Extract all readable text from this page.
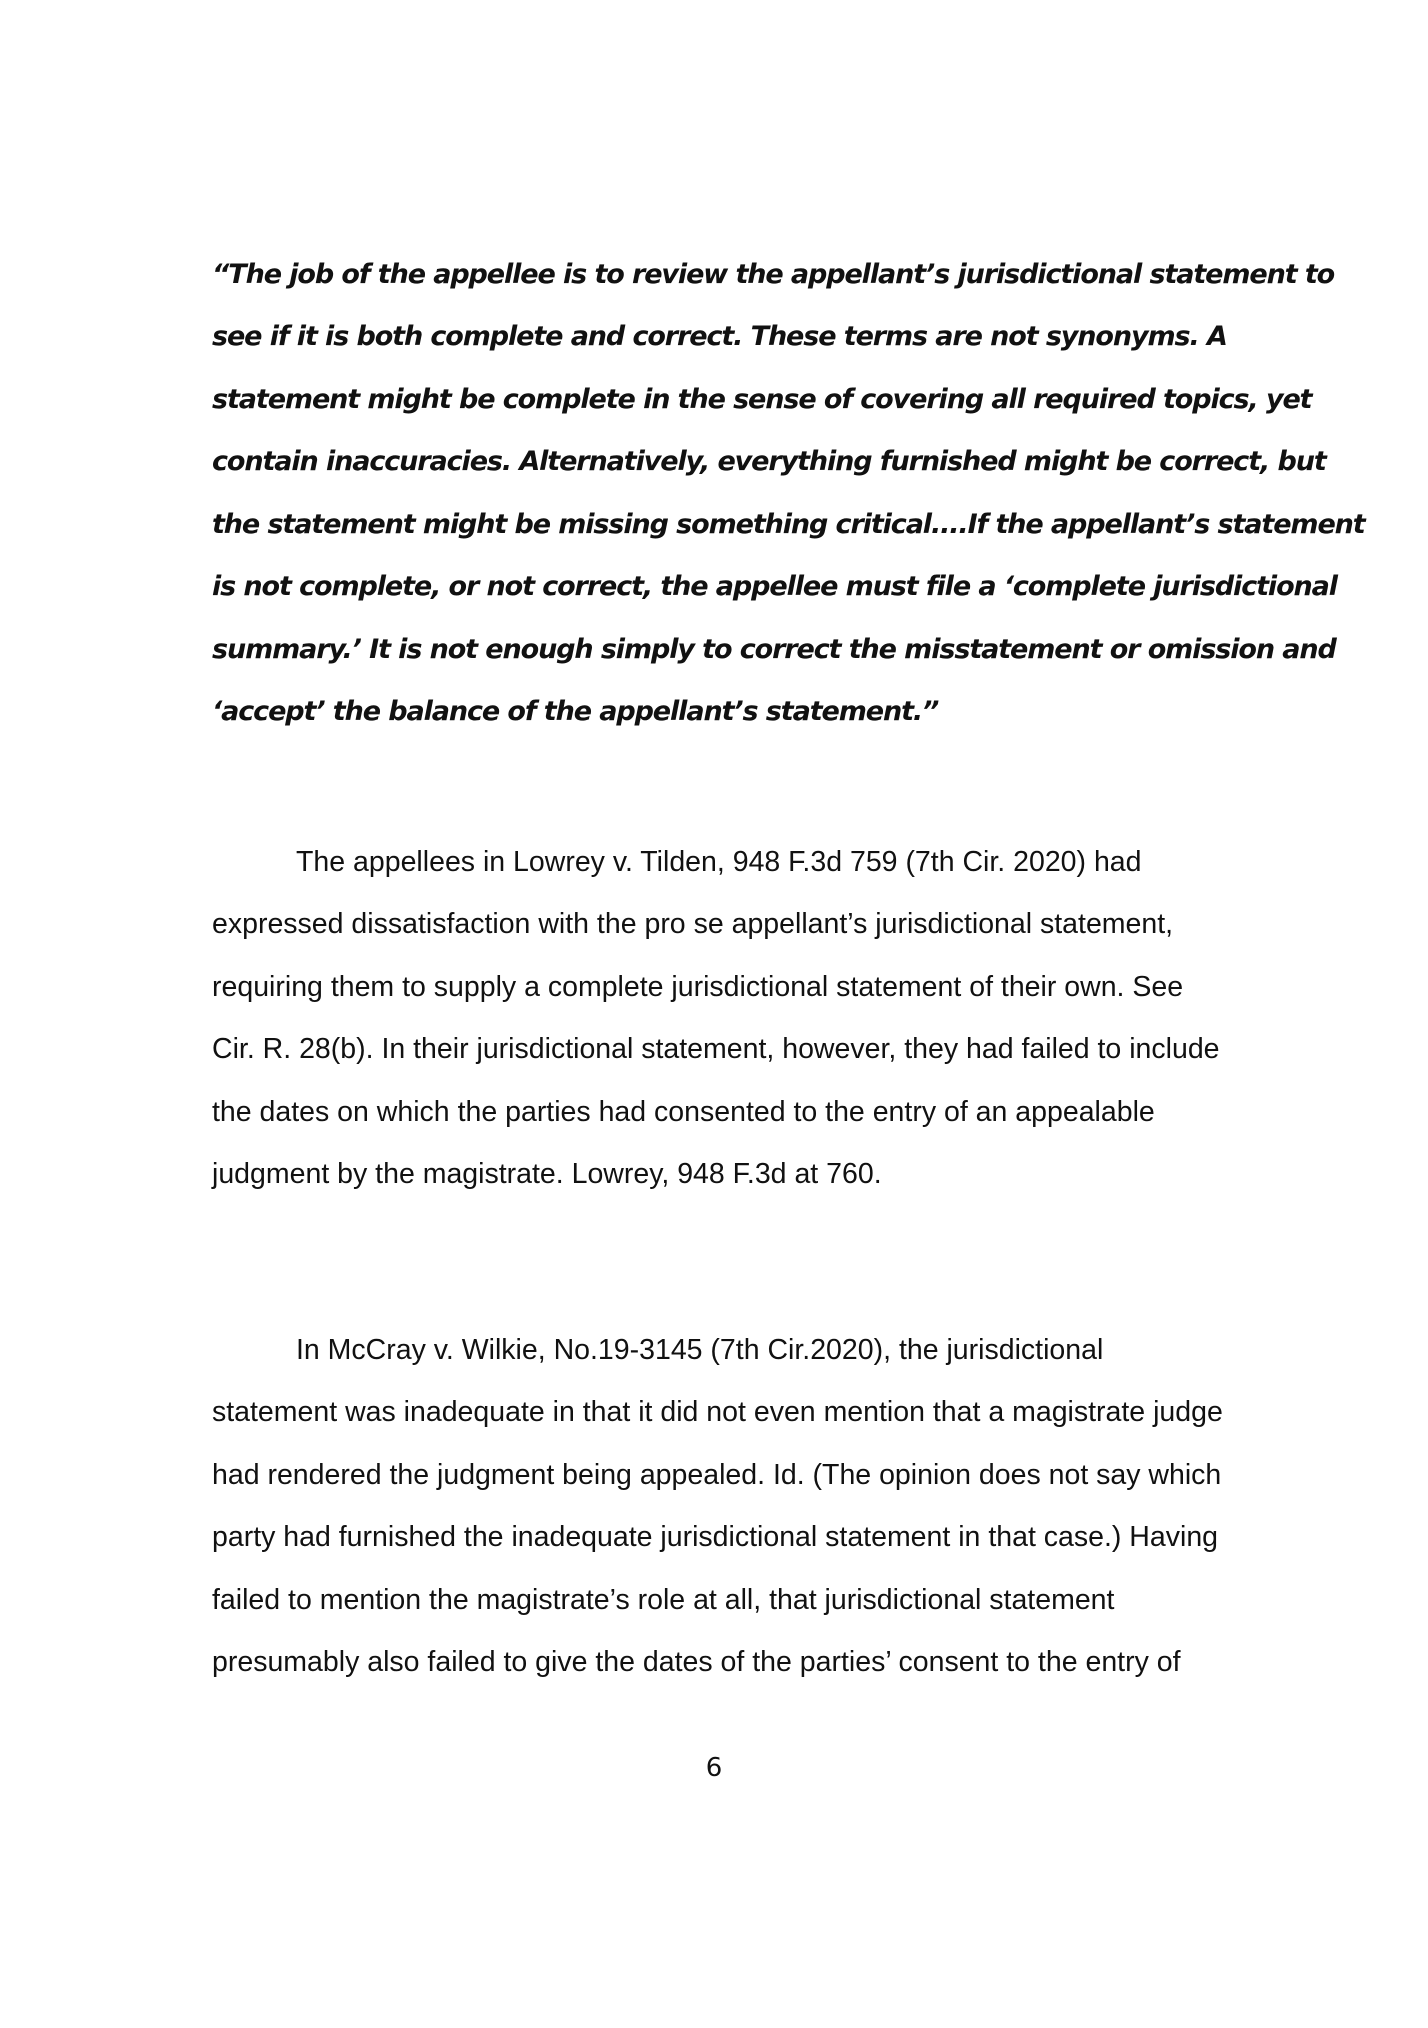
“The job of the appellee is to review the appellant’s jurisdictional statement to
see if it is both complete and correct. These terms are not synonyms. A
statement might be complete in the sense of covering all required topics, yet
contain inaccuracies. Alternatively, everything furnished might be correct, but
the statement might be missing something critical....If the appellant’s statement
is not complete, or not correct, the appellee must file a ‘complete jurisdictional
summary.’ It is not enough simply to correct the misstatement or omission and
‘accept’ the balance of the appellant’s statement.”
The appellees in Lowrey v. Tilden, 948 F.3d 759 (7th Cir. 2020) had
expressed dissatisfaction with the pro se appellant’s jurisdictional statement,
requiring them to supply a complete jurisdictional statement of their own. See
Cir. R. 28(b). In their jurisdictional statement, however, they had failed to include
the dates on which the parties had consented to the entry of an appealable
judgment by the magistrate. Lowrey, 948 F.3d at 760.
In McCray v. Wilkie, No.19-3145 (7th Cir.2020), the jurisdictional
statement was inadequate in that it did not even mention that a magistrate judge
had rendered the judgment being appealed. Id. (The opinion does not say which
party had furnished the inadequate jurisdictional statement in that case.) Having
failed to mention the magistrate’s role at all, that jurisdictional statement
presumably also failed to give the dates of the parties’ consent to the entry of
6
